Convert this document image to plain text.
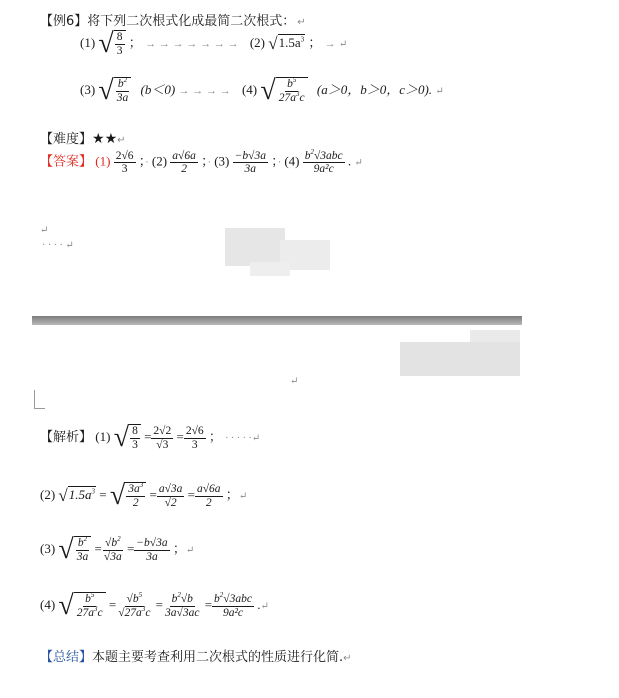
【例6】将下列二次根式化成最简二次根式： ↵
(1) √ $\frac{8}{3}$ ； → → → → → → → (2) $√1.5a^3$ ； → ↵
(3) √ $\frac{b^2}{3a} (b<0)$ → → → → (4) √ $\frac{b^5}{27a^3c} (a>0$，b＞0，c＞0). ↵
【难度】★★↵
【答案】 $(1) \frac{2√6}{3}$ ；· $(2) \frac{a√6a}{2}$ ；· $(3) \frac{-b√3a}{3a}$ ；· $(4) \frac{b^2√3abc}{\text{9a²c}}$ . ↵
↵
· · · · ↵
↵
【解析】 (1) √ $\frac{8}{3} = \frac{2√2}{√3} = \frac{2√6}{3}$ ； · · · · ·↵
(2) $√1.5a^3$ = √ $\frac{3a^3}{2} = \frac{a√3a}{√2} = \frac{a√6a}{2}$ ；↵
(3) √ $\frac{b^2}{3a} = \frac{√b^2}{√3a} = \frac{-b√3a}{3a}$ ；↵
(4) √ $\frac{b^5}{27a^3c} = \frac{√b^5}{√27a^3c} = \frac{b^2√b}{3a√3ac} = \frac{b^2√3abc}{\text{9a²c}}$ .↵
【总结】本题主要考查利用二次根式的性质进行化简.↵
